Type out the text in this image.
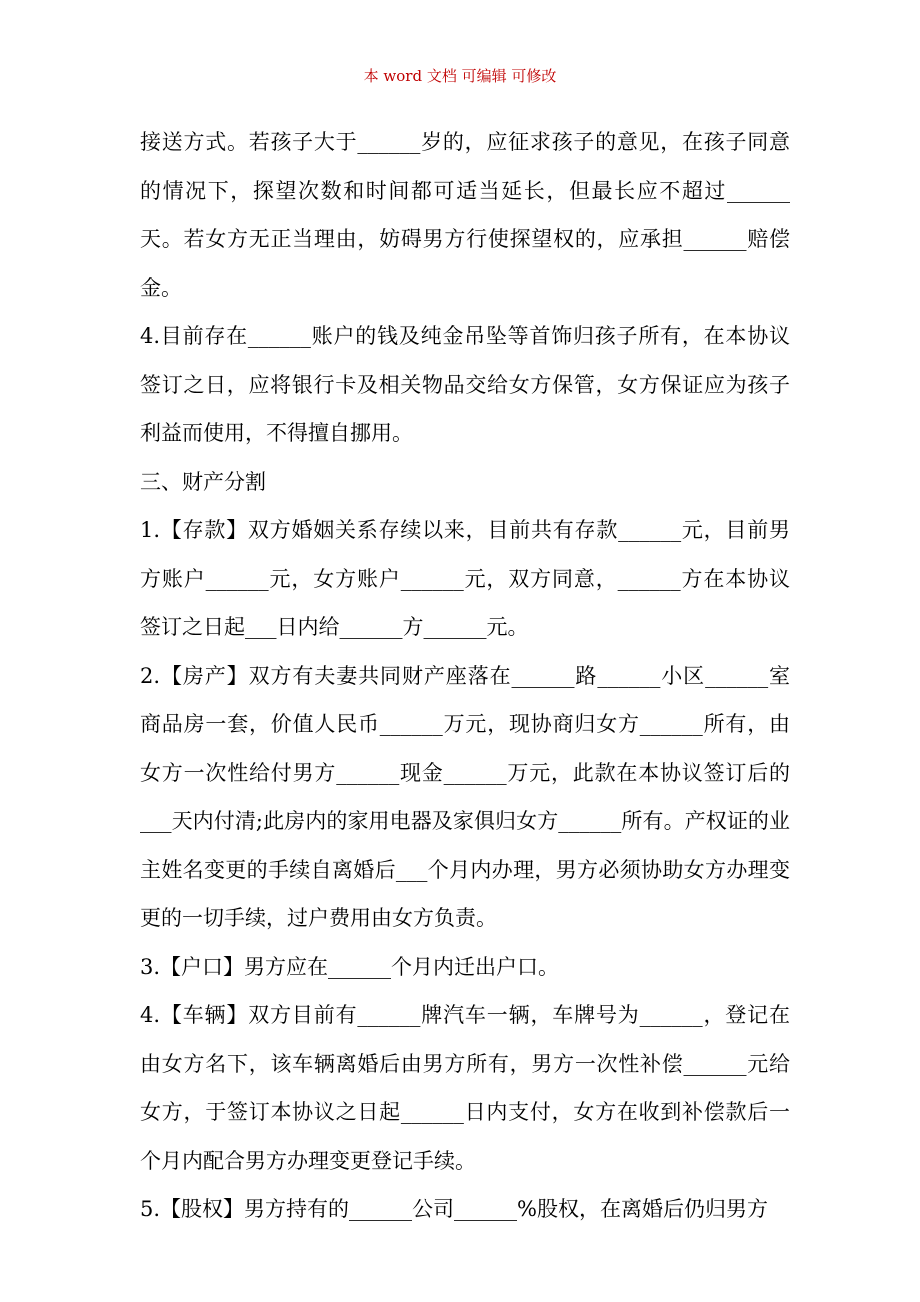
本 word 文档 可编辑 可修改

接送方式。若孩子大于______岁的，应征求孩子的意见，在孩子同意的情况下，探望次数和时间都可适当延长，但最长应不超过______天。若女方无正当理由，妨碍男方行使探望权的，应承担______赔偿金。

4.目前存在______账户的钱及纯金吊坠等首饰归孩子所有，在本协议签订之日，应将银行卡及相关物品交给女方保管，女方保证应为孩子利益而使用，不得擅自挪用。

三、财产分割

1.【存款】双方婚姻关系存续以来，目前共有存款______元，目前男方账户______元，女方账户______元，双方同意，______方在本协议签订之日起___日内给______方______元。

2.【房产】双方有夫妻共同财产座落在______路______小区______室商品房一套，价值人民币______万元，现协商归女方______所有，由女方一次性给付男方______现金______万元，此款在本协议签订后的___天内付清;此房内的家用电器及家俱归女方______所有。产权证的业主姓名变更的手续自离婚后___个月内办理，男方必须协助女方办理变更的一切手续，过户费用由女方负责。

3.【户口】男方应在______个月内迁出户口。

4.【车辆】双方目前有______牌汽车一辆，车牌号为______，登记在由女方名下，该车辆离婚后由男方所有，男方一次性补偿______元给女方，于签订本协议之日起______日内支付，女方在收到补偿款后一个月内配合男方办理变更登记手续。

5.【股权】男方持有的______公司______%股权，在离婚后仍归男方
